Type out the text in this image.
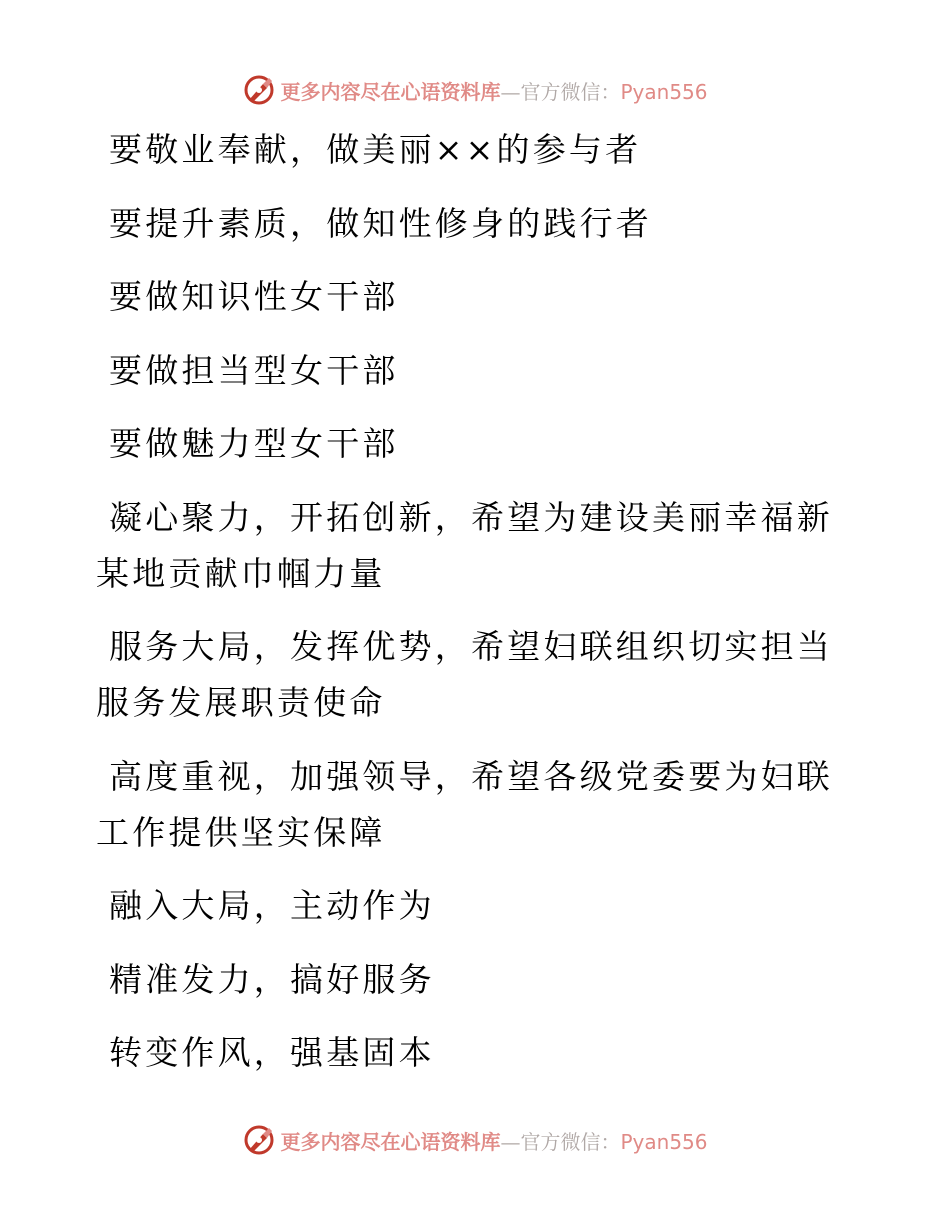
更多内容尽在心语资料库—官方微信：Pyan556

要敬业奉献，做美丽××的参与者

要提升素质，做知性修身的践行者

要做知识性女干部

要做担当型女干部

要做魅力型女干部

凝心聚力，开拓创新，希望为建设美丽幸福新某地贡献巾帼力量

服务大局，发挥优势，希望妇联组织切实担当服务发展职责使命

高度重视，加强领导，希望各级党委要为妇联工作提供坚实保障

融入大局，主动作为

精准发力，搞好服务

转变作风，强基固本

更多内容尽在心语资料库—官方微信：Pyan556
